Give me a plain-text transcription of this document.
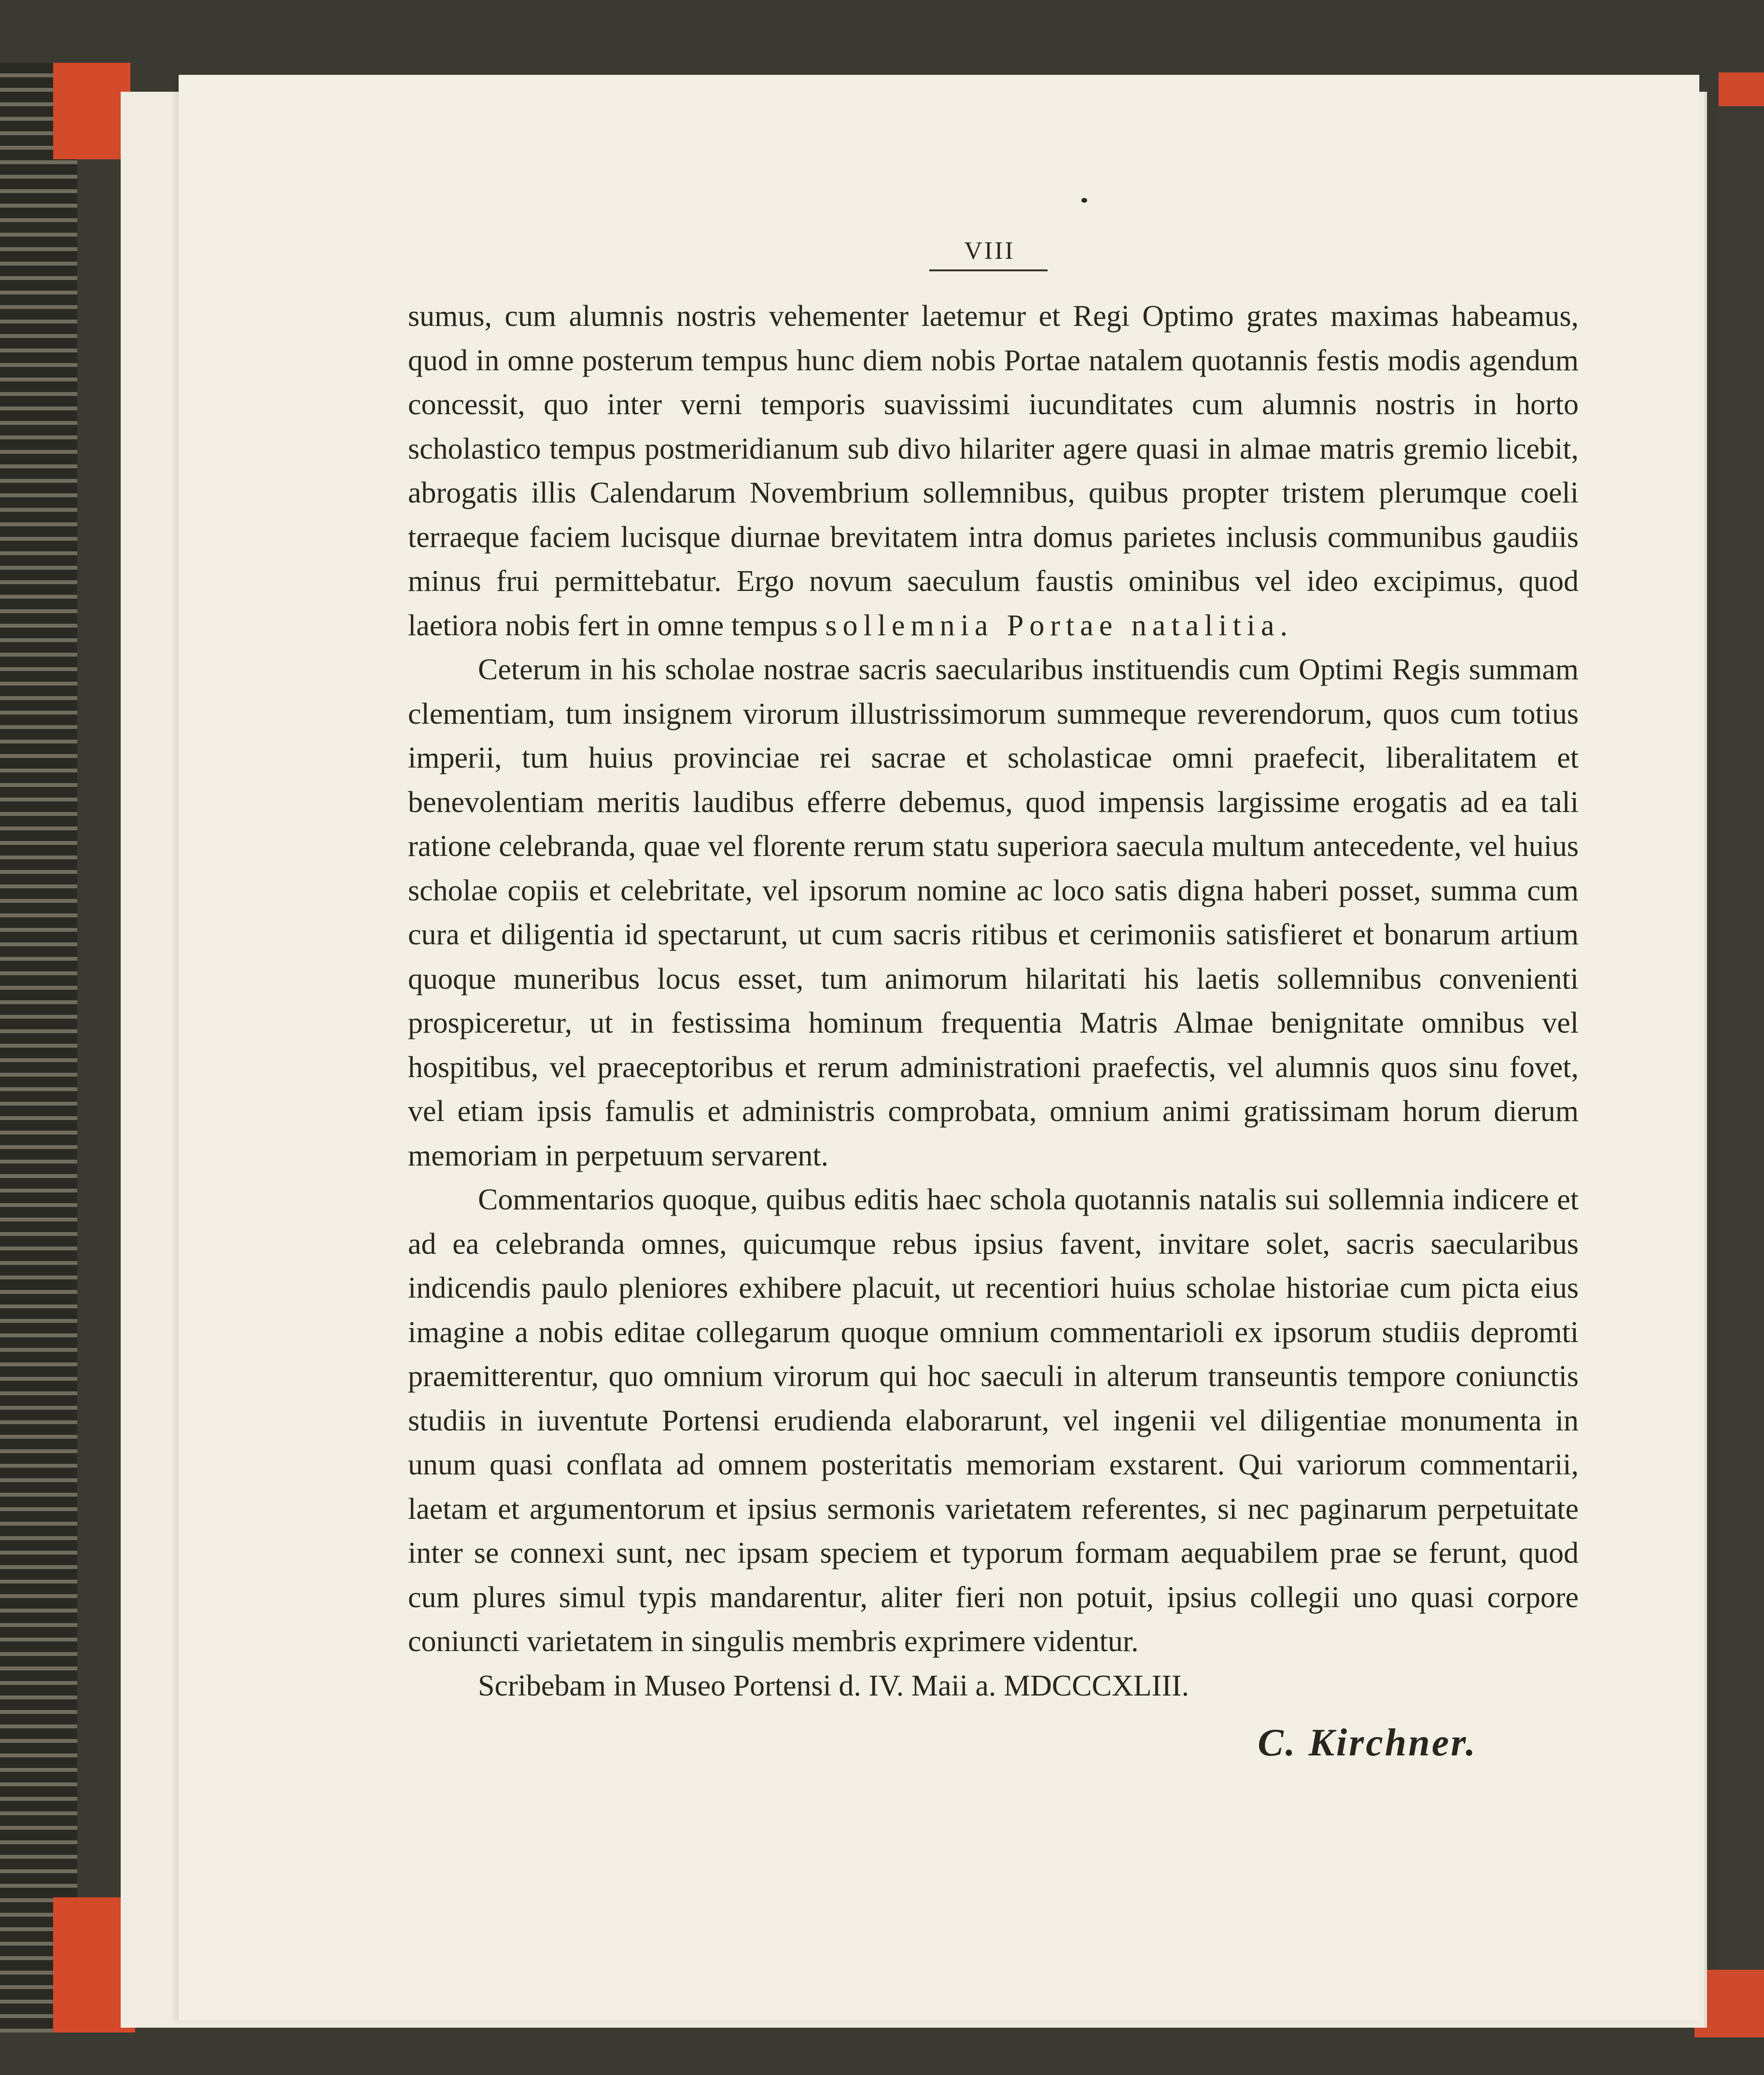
VIII

sumus, cum alumnis nostris vehementer laetemur et Regi Optimo grates maximas habeamus, quod in omne posterum tempus hunc diem nobis Portae natalem quotannis festis modis agendum concessit, quo inter verni temporis suavissimi iucunditates cum alumnis nostris in horto scholastico tempus postmeridianum sub divo hilariter agere quasi in almae matris gremio licebit, abrogatis illis Calendarum Novembrium sollemnibus, quibus propter tristem plerumque coeli terraeque faciem lucisque diurnae brevitatem intra domus parietes inclusis communibus gaudiis minus frui permittebatur. Ergo novum saeculum faustis ominibus vel ideo excipimus, quod laetiora nobis fert in omne tempus sollemnia Portae natalitia.

Ceterum in his scholae nostrae sacris saecularibus instituendis cum Optimi Regis summam clementiam, tum insignem virorum illustrissimorum summeque reverendorum, quos cum totius imperii, tum huius provinciae rei sacrae et scholasticae omni praefecit, liberalitatem et benevolentiam meritis laudibus efferre debemus, quod impensis largissime erogatis ad ea tali ratione celebranda, quae vel florente rerum statu superiora saecula multum antecedente, vel huius scholae copiis et celebritate, vel ipsorum nomine ac loco satis digna haberi posset, summa cum cura et diligentia id spectarunt, ut cum sacris ritibus et cerimoniis satisfieret et bonarum artium quoque muneribus locus esset, tum animorum hilaritati his laetis sollemnibus convenienti prospiceretur, ut in festissima hominum frequentia Matris Almae benignitate omnibus vel hospitibus, vel praeceptoribus et rerum administrationi praefectis, vel alumnis quos sinu fovet, vel etiam ipsis famulis et administris comprobata, omnium animi gratissimam horum dierum memoriam in perpetuum servarent.

Commentarios quoque, quibus editis haec schola quotannis natalis sui sollemnia indicere et ad ea celebranda omnes, quicumque rebus ipsius favent, invitare solet, sacris saecularibus indicendis paulo pleniores exhibere placuit, ut recentiori huius scholae historiae cum picta eius imagine a nobis editae collegarum quoque omnium commentarioli ex ipsorum studiis depromti praemitterentur, quo omnium virorum qui hoc saeculi in alterum transeuntis tempore coniunctis studiis in iuventute Portensi erudienda elaborarunt, vel ingenii vel diligentiae monumenta in unum quasi conflata ad omnem posteritatis memoriam exstarent. Qui variorum commentarii, laetam et argumentorum et ipsius sermonis varietatem referentes, si nec paginarum perpetuitate inter se connexi sunt, nec ipsam speciem et typorum formam aequabilem prae se ferunt, quod cum plures simul typis mandarentur, aliter fieri non potuit, ipsius collegii uno quasi corpore coniuncti varietatem in singulis membris exprimere videntur.

Scribebam in Museo Portensi d. IV. Maii a. MDCCCXLIII.

C. Kirchner.
